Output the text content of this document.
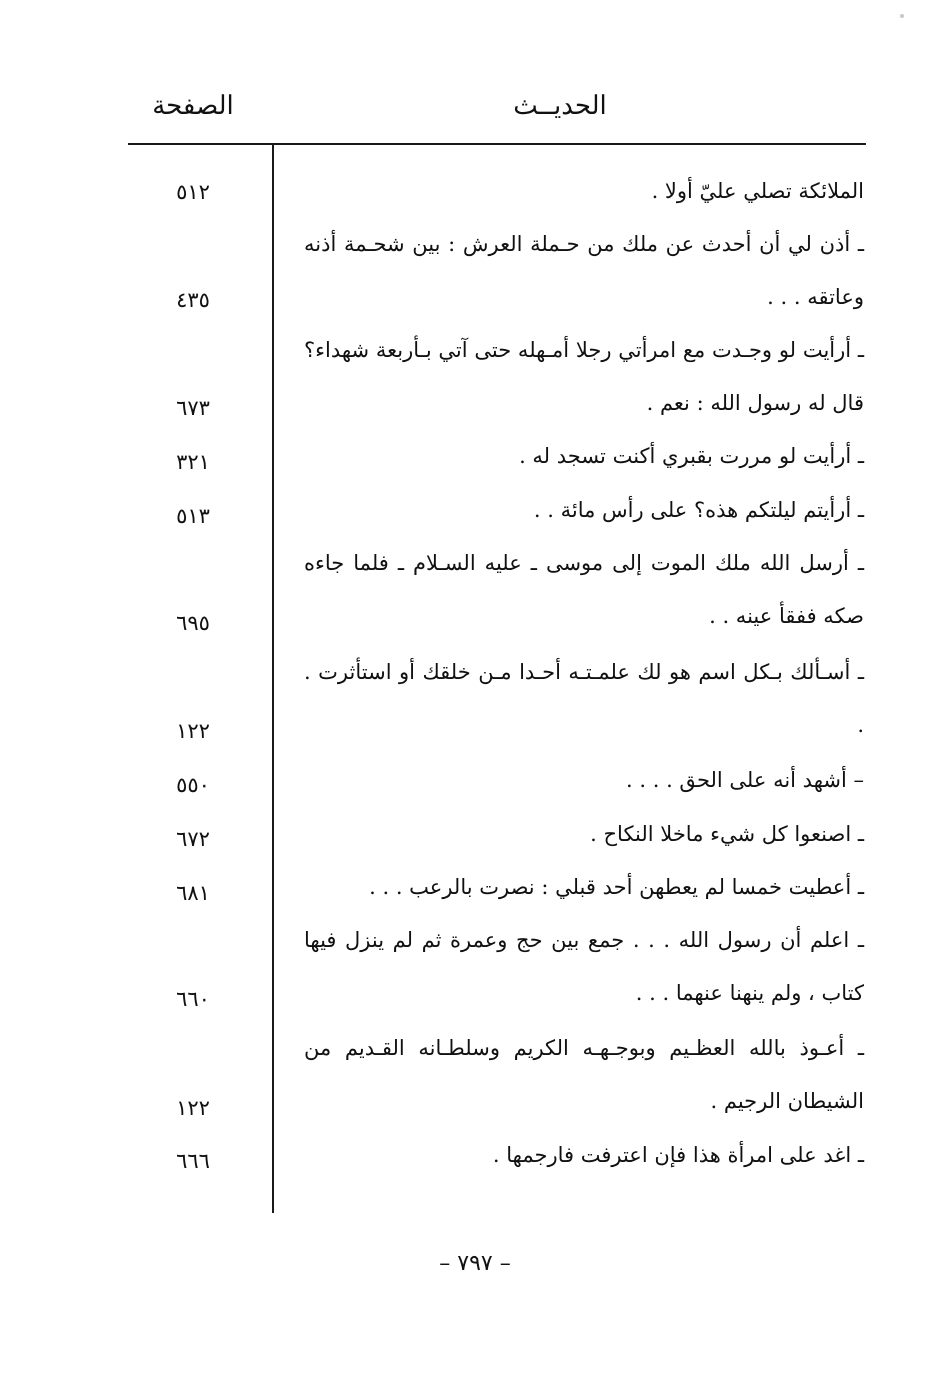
الحديــث
الصفحة
الملائكة تصلي عليّ أولا .
٥١٢
ـ أذن لي أن أحدث عن ملك من حـملة العرش : بين شحـمة أذنه وعاتقه . . .
٤٣٥
ـ أرأيت لو وجـدت مع امرأتي رجلا أمـهله حتى آتي بـأربعة شهداء؟ قال له رسول الله : نعم .
٦٧٣
ـ أرأيت لو مررت بقبري أكنت تسجد له .
٣٢١
ـ أرأيتم ليلتكم هذه؟ على رأس مائة . .
٥١٣
ـ أرسل الله ملك الموت إلى موسى ـ عليه السـلام ـ فلما جاءه صكه ففقأ عينه . .
٦٩٥
ـ أسـألك بـكل اسم هو لك علمـتـه أحـدا مـن خلقك أو استأثرت . .
١٢٢
– أشهد أنه على الحق . . . .
٥٥٠
ـ اصنعوا كل شيء ماخلا النكاح .
٦٧٢
ـ أعطيت خمسا لم يعطهن أحد قبلي : نصرت بالرعب . . .
٦٨١
ـ اعلم أن رسول الله . . . جمع بين حج وعمرة ثم لم ينزل فيها كتاب ، ولم ينهنا عنهما . . .
٦٦٠
ـ أعـوذ بالله العظـيم وبوجـهـه الكريم وسلطـانه القـديم من الشيطان الرجيم .
١٢٢
ـ اغد على امرأة هذا فإن اعترفت فارجمها .
٦٦٦
– ٧٩٧ –
